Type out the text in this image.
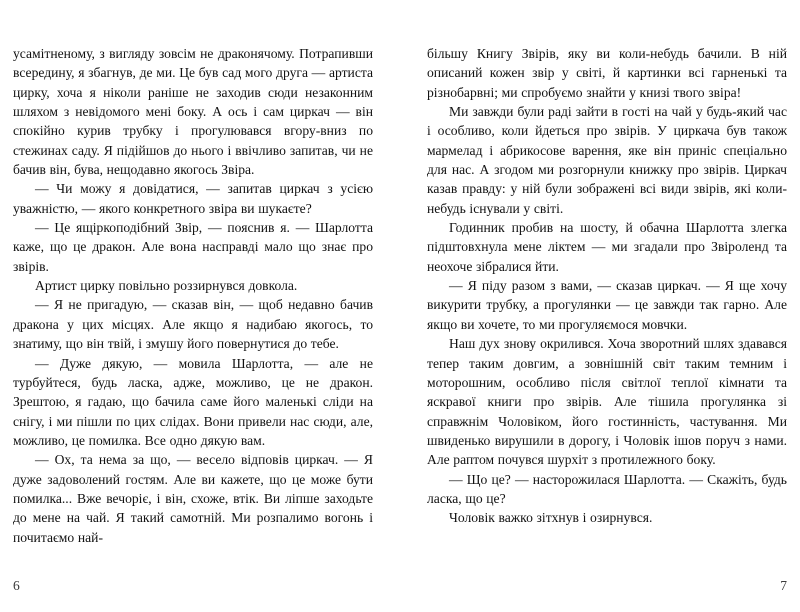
усамітненому, з вигляду зовсім не драконячому. Потрапивши всередину, я збагнув, де ми. Це був сад мого друга — артиста цирку, хоча я ніколи раніше не заходив сюди незаконним шляхом з невідомого мені боку. А ось і сам циркач — він спокійно курив трубку і прогулювався вгору-вниз по стежинах саду. Я підійшов до нього і ввічливо запитав, чи не бачив він, бува, нещодавно якогось Звіра.

— Чи можу я довідатися, — запитав циркач з усією уважністю, — якого конкретного звіра ви шукаєте?

— Це ящіркоподібний Звір, — пояснив я. — Шарлотта каже, що це дракон. Але вона насправді мало що знає про звірів.

Артист цирку повільно роззирнувся довкола.

— Я не пригадую, — сказав він, — щоб недавно бачив дракона у цих місцях. Але якщо я надибаю якогось, то знатиму, що він твій, і змушу його повернутися до тебе.

— Дуже дякую, — мовила Шарлотта, — але не турбуйтеся, будь ласка, адже, можливо, це не дракон. Зрештою, я гадаю, що бачила саме його маленькі сліди на снігу, і ми пішли по цих слідах. Вони привели нас сюди, але, можливо, це помилка. Все одно дякую вам.

— Ох, та нема за що, — весело відповів циркач. — Я дуже задоволений гостям. Але ви кажете, що це може бути помилка... Вже вечоріє, і він, схоже, втік. Ви ліпше заходьте до мене на чай. Я такий самотній. Ми розпалимо вогонь і почитаємо най-

більшу Книгу Звірів, яку ви коли-небудь бачили. В ній описаний кожен звір у світі, й картинки всі гарненькі та різнобарвні; ми спробуємо знайти у книзі твого звіра!

Ми завжди були раді зайти в гості на чай у будь-який час і особливо, коли йдеться про звірів. У циркача був також мармелад і абрикосове варення, яке він приніс спеціально для нас. А згодом ми розгорнули книжку про звірів. Циркач казав правду: у ній були зображені всі види звірів, які коли-небудь існували у світі.

Годинник пробив на шосту, й обачна Шарлотта злегка підштовхнула мене ліктем — ми згадали про Звіроленд та неохоче зібралися йти.

— Я піду разом з вами, — сказав циркач. — Я ще хочу викурити трубку, а прогулянки — це завжди так гарно. Але якщо ви хочете, то ми прогуляємося мовчки.

Наш дух знову окрилився. Хоча зворотний шлях здавався тепер таким довгим, а зовнішній світ таким темним і моторошним, особливо після світлої теплої кімнати та яскравої книги про звірів. Але тішила прогулянка зі справжнім Чоловіком, його гостинність, частування. Ми швиденько вирушили в дорогу, і Чоловік ішов поруч з нами. Але раптом почувся шурхіт з протилежного боку.

— Що це? — насторожилася Шарлотта. — Скажіть, будь ласка, що це?

Чоловік важко зітхнув і озирнувся.

6	7
